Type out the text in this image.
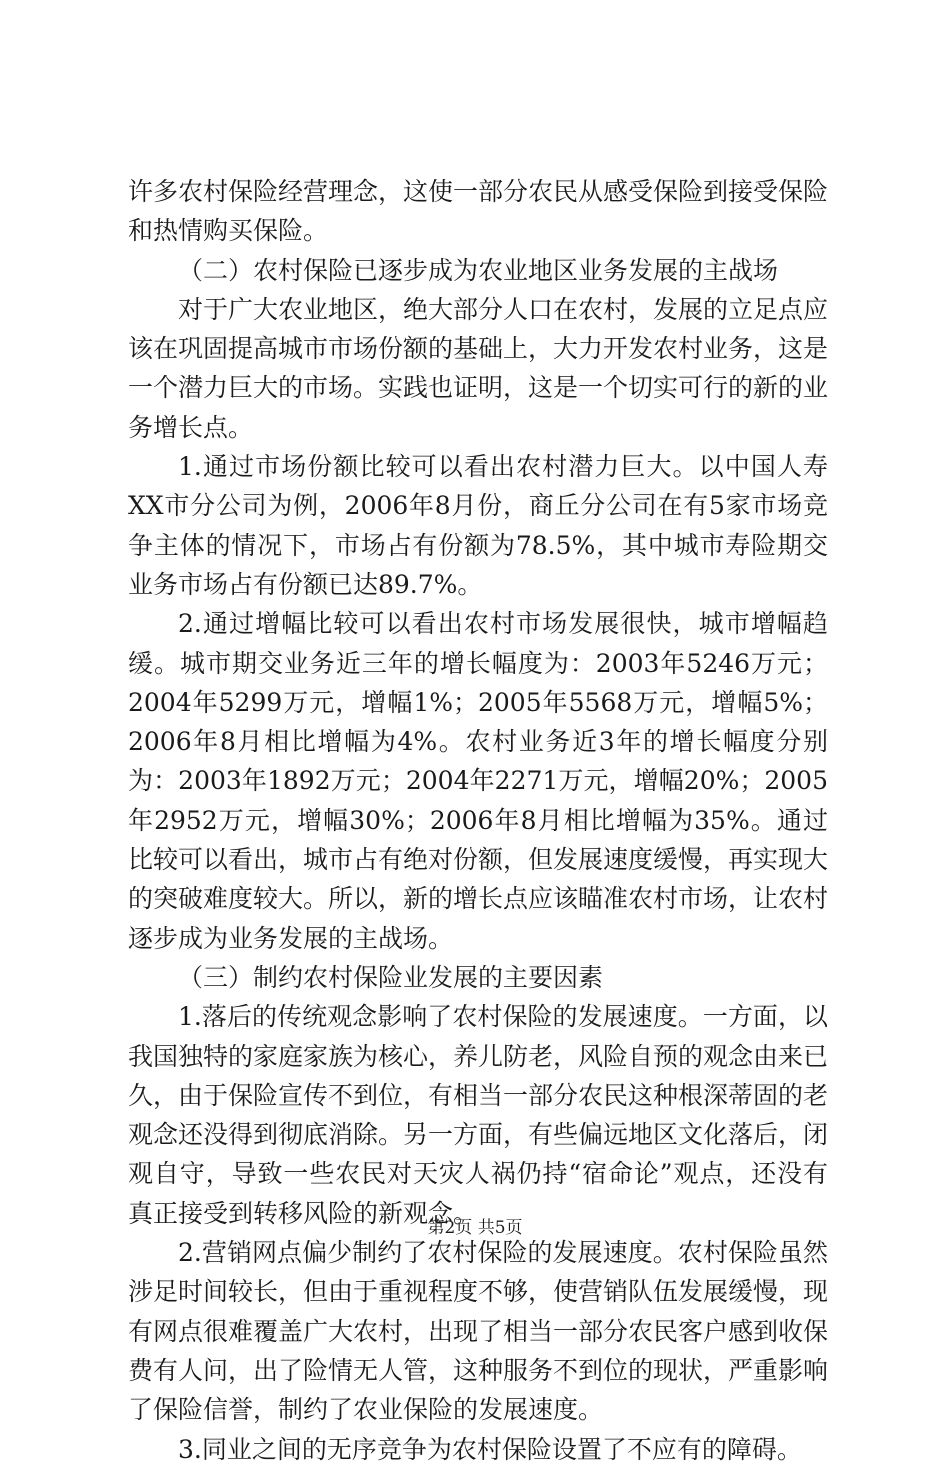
许多农村保险经营理念，这使一部分农民从感受保险到接受保险和热情购买保险。

（二）农村保险已逐步成为农业地区业务发展的主战场

对于广大农业地区，绝大部分人口在农村，发展的立足点应该在巩固提高城市市场份额的基础上，大力开发农村业务，这是一个潜力巨大的市场。实践也证明，这是一个切实可行的新的业务增长点。

1.通过市场份额比较可以看出农村潜力巨大。以中国人寿XX市分公司为例，2006年8月份，商丘分公司在有5家市场竞争主体的情况下，市场占有份额为78.5%，其中城市寿险期交业务市场占有份额已达89.7%。

2.通过增幅比较可以看出农村市场发展很快，城市增幅趋缓。城市期交业务近三年的增长幅度为：2003年5246万元；2004年5299万元，增幅1%；2005年5568万元，增幅5%；2006年8月相比增幅为4%。农村业务近3年的增长幅度分别为：2003年1892万元；2004年2271万元，增幅20%；2005年2952万元，增幅30%；2006年8月相比增幅为35%。通过比较可以看出，城市占有绝对份额，但发展速度缓慢，再实现大的突破难度较大。所以，新的增长点应该瞄准农村市场，让农村逐步成为业务发展的主战场。

（三）制约农村保险业发展的主要因素

1.落后的传统观念影响了农村保险的发展速度。一方面，以我国独特的家庭家族为核心，养儿防老，风险自预的观念由来已久，由于保险宣传不到位，有相当一部分农民这种根深蒂固的老观念还没得到彻底消除。另一方面，有些偏远地区文化落后，闭观自守，导致一些农民对天灾人祸仍持“宿命论”观点，还没有真正接受到转移风险的新观念。

2.营销网点偏少制约了农村保险的发展速度。农村保险虽然涉足时间较长，但由于重视程度不够，使营销队伍发展缓慢，现有网点很难覆盖广大农村，出现了相当一部分农民客户感到收保费有人问，出了险情无人管，这种服务不到位的现状，严重影响了保险信誉，制约了农业保险的发展速度。

3.同业之间的无序竞争为农村保险设置了不应有的障碍。

第2页 共5页
